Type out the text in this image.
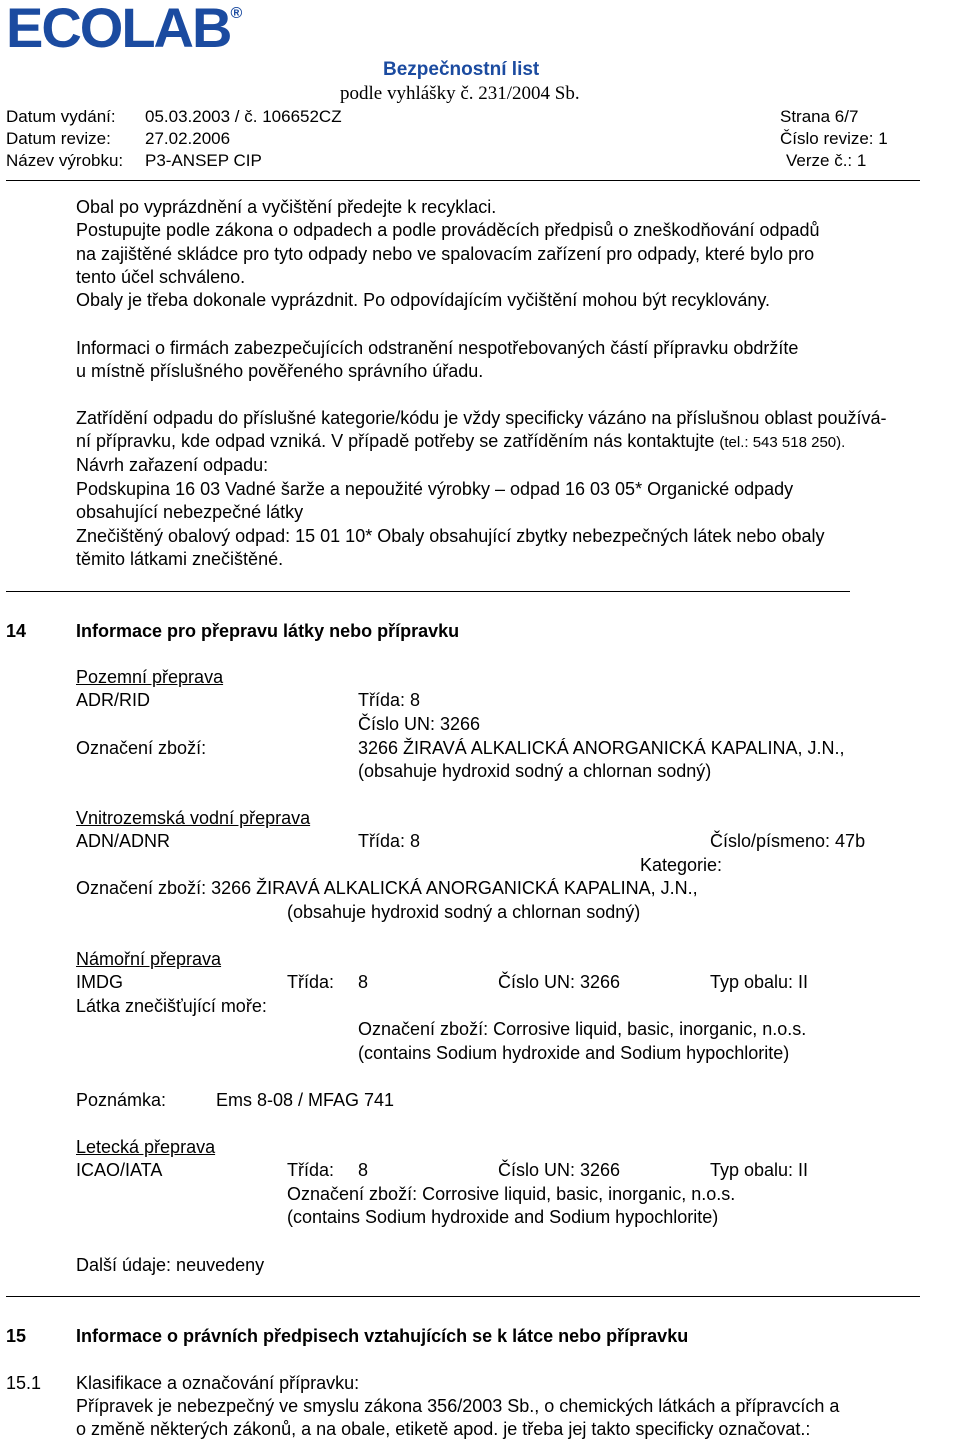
ECOLAB®
Bezpečnostní list
podle vyhlášky č. 231/2004 Sb.
Datum vydání: 05.03.2003 / č. 106652CZ	Strana 6/7
Datum revize: 27.02.2006	Číslo revize: 1
Název výrobku: P3-ANSEP CIP	Verze č.: 1
Obal po vyprázdnění a vyčištění předejte k recyklaci.
Postupujte podle zákona o odpadech a podle prováděcích předpisů o zneškodňování odpadů
na zajištěné skládce pro tyto odpady nebo ve spalovacím zařízení pro odpady, které bylo pro
tento účel schváleno.
Obaly je třeba dokonale vyprázdnit. Po odpovídajícím vyčištění mohou být recyklovány.
Informaci o firmách zabezpečujících odstranění nespotřebovaných částí přípravku obdržíte
u místně příslušného pověřeného správního úřadu.
Zatřídění odpadu do příslušné kategorie/kódu je vždy specificky vázáno na příslušnou oblast používá-
ní přípravku, kde odpad vzniká. V případě potřeby se zatříděním nás kontaktujte (tel.: 543 518 250).
Návrh zařazení odpadu:
Podskupina 16 03 Vadné šarže a nepoužité výrobky – odpad 16 03 05* Organické odpady
obsahující nebezpečné látky
Znečištěný obalový odpad: 15 01 10* Obaly obsahující zbytky nebezpečných látek nebo obaly
těmito látkami znečištěné.
14	Informace pro přepravu látky nebo přípravku
Pozemní přeprava
ADR/RID	Třída: 8
Číslo UN: 3266
Označení zboží:	3266 ŽIRAVÁ ALKALICKÁ ANORGANICKÁ KAPALINA, J.N.,
(obsahuje hydroxid sodný a chlornan sodný)
Vnitrozemská vodní přeprava
ADN/ADNR	Třída: 8	Číslo/písmeno: 47b
Kategorie:
Označení zboží: 3266 ŽIRAVÁ ALKALICKÁ ANORGANICKÁ KAPALINA, J.N.,
(obsahuje hydroxid sodný a chlornan sodný)
Námořní přeprava
IMDG	Třída: 8	Číslo UN: 3266	Typ obalu: II
Látka znečišťující moře:
Označení zboží: Corrosive liquid, basic, inorganic, n.o.s.
(contains Sodium hydroxide and Sodium hypochlorite)
Poznámka:	Ems 8-08 / MFAG 741
Letecká přeprava
ICAO/IATA	Třída: 8	Číslo UN: 3266	Typ obalu: II
Označení zboží: Corrosive liquid, basic, inorganic, n.o.s.
(contains Sodium hydroxide and Sodium hypochlorite)
Další údaje: neuvedeny
15	Informace o právních předpisech vztahujících se k látce nebo přípravku
15.1 Klasifikace a označování přípravku:
Přípravek je nebezpečný ve smyslu zákona 356/2003 Sb., o chemických látkách a přípravcích a
o změně některých zákonů, a na obale, etiketě apod. je třeba jej takto specificky označovat.:
